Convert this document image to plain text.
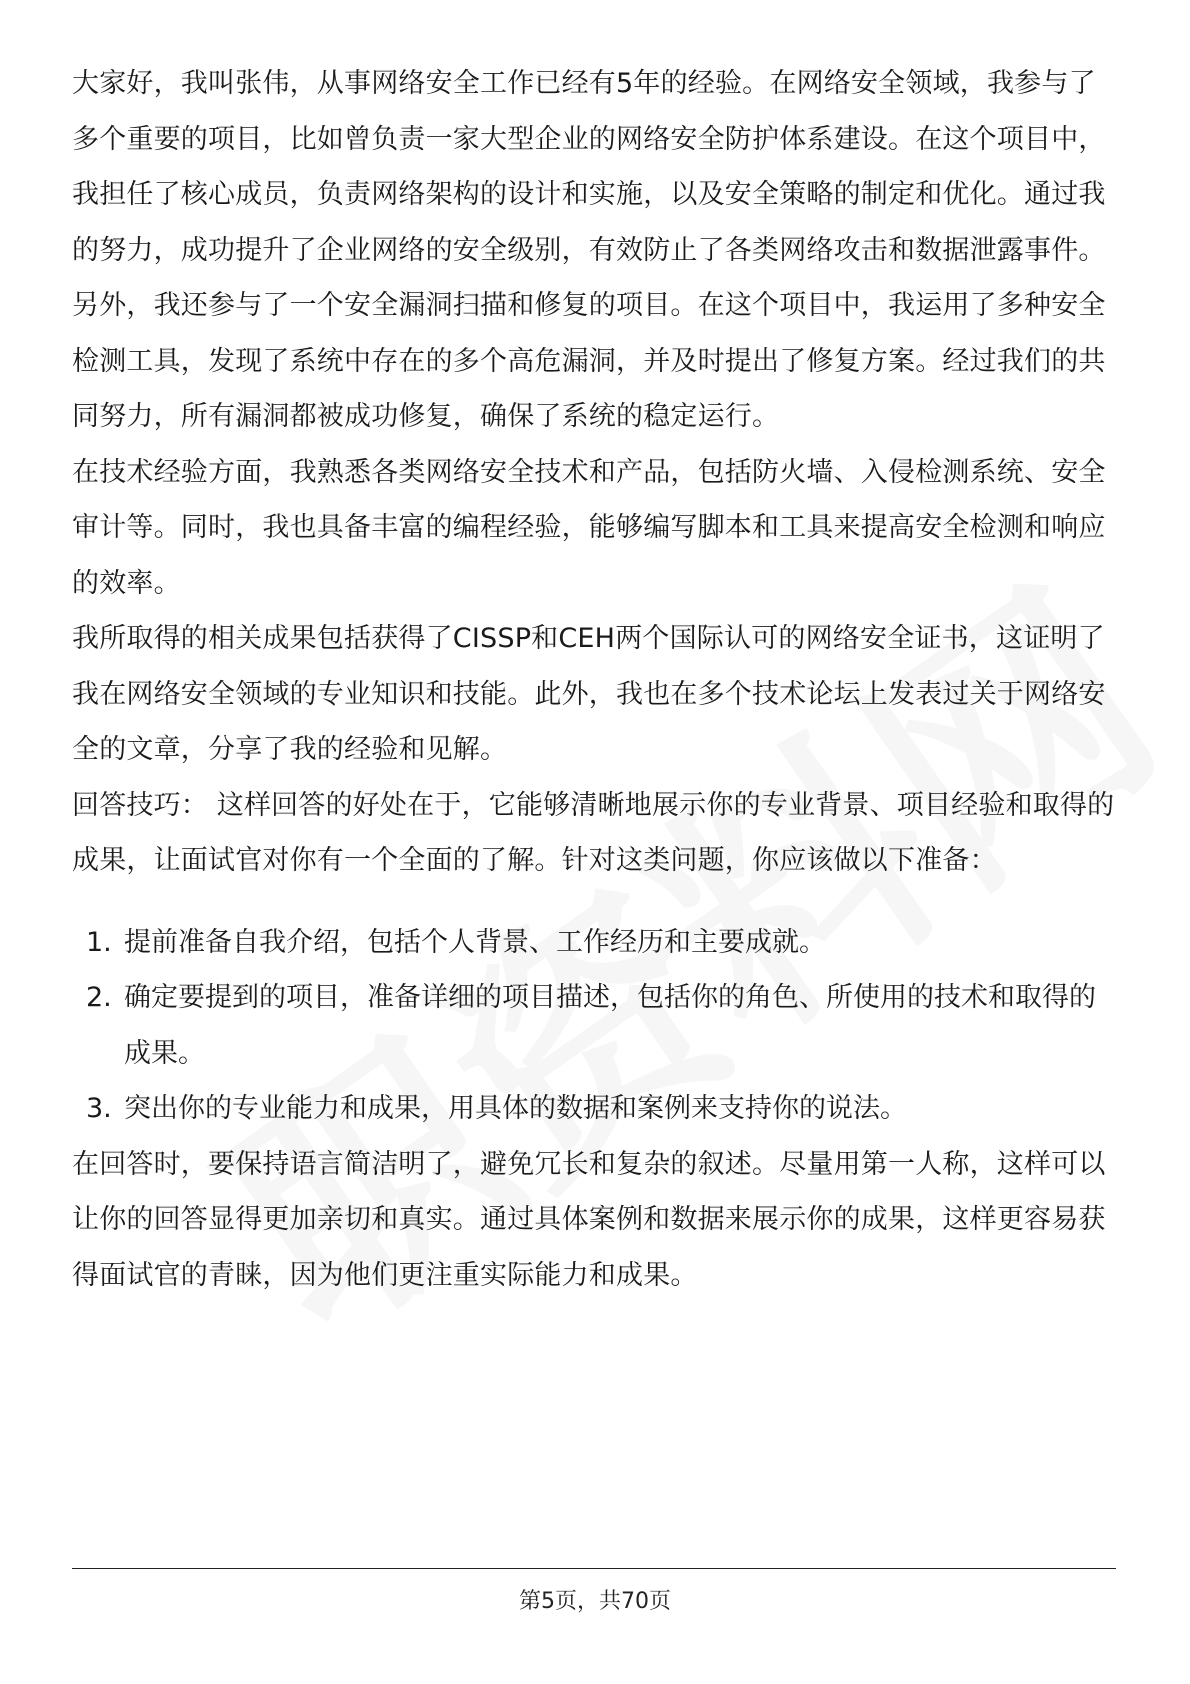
大家好，我叫张伟，从事网络安全工作已经有5年的经验。在网络安全领域，我参与了多个重要的项目，比如曾负责一家大型企业的网络安全防护体系建设。在这个项目中，我担任了核心成员，负责网络架构的设计和实施，以及安全策略的制定和优化。通过我的努力，成功提升了企业网络的安全级别，有效防止了各类网络攻击和数据泄露事件。

另外，我还参与了一个安全漏洞扫描和修复的项目。在这个项目中，我运用了多种安全检测工具，发现了系统中存在的多个高危漏洞，并及时提出了修复方案。经过我们的共同努力，所有漏洞都被成功修复，确保了系统的稳定运行。

在技术经验方面，我熟悉各类网络安全技术和产品，包括防火墙、入侵检测系统、安全审计等。同时，我也具备丰富的编程经验，能够编写脚本和工具来提高安全检测和响应的效率。

我所取得的相关成果包括获得了CISSP和CEH两个国际认可的网络安全证书，这证明了我在网络安全领域的专业知识和技能。此外，我也在多个技术论坛上发表过关于网络安全的文章，分享了我的经验和见解。

回答技巧： 这样回答的好处在于，它能够清晰地展示你的专业背景、项目经验和取得的成果，让面试官对你有一个全面的了解。针对这类问题，你应该做以下准备：

1. 提前准备自我介绍，包括个人背景、工作经历和主要成就。
2. 确定要提到的项目，准备详细的项目描述，包括你的角色、所使用的技术和取得的成果。
3. 突出你的专业能力和成果，用具体的数据和案例来支持你的说法。

在回答时，要保持语言简洁明了，避免冗长和复杂的叙述。尽量用第一人称，这样可以让你的回答显得更加亲切和真实。通过具体案例和数据来展示你的成果，这样更容易获得面试官的青睐，因为他们更注重实际能力和成果。

第5页，共70页
